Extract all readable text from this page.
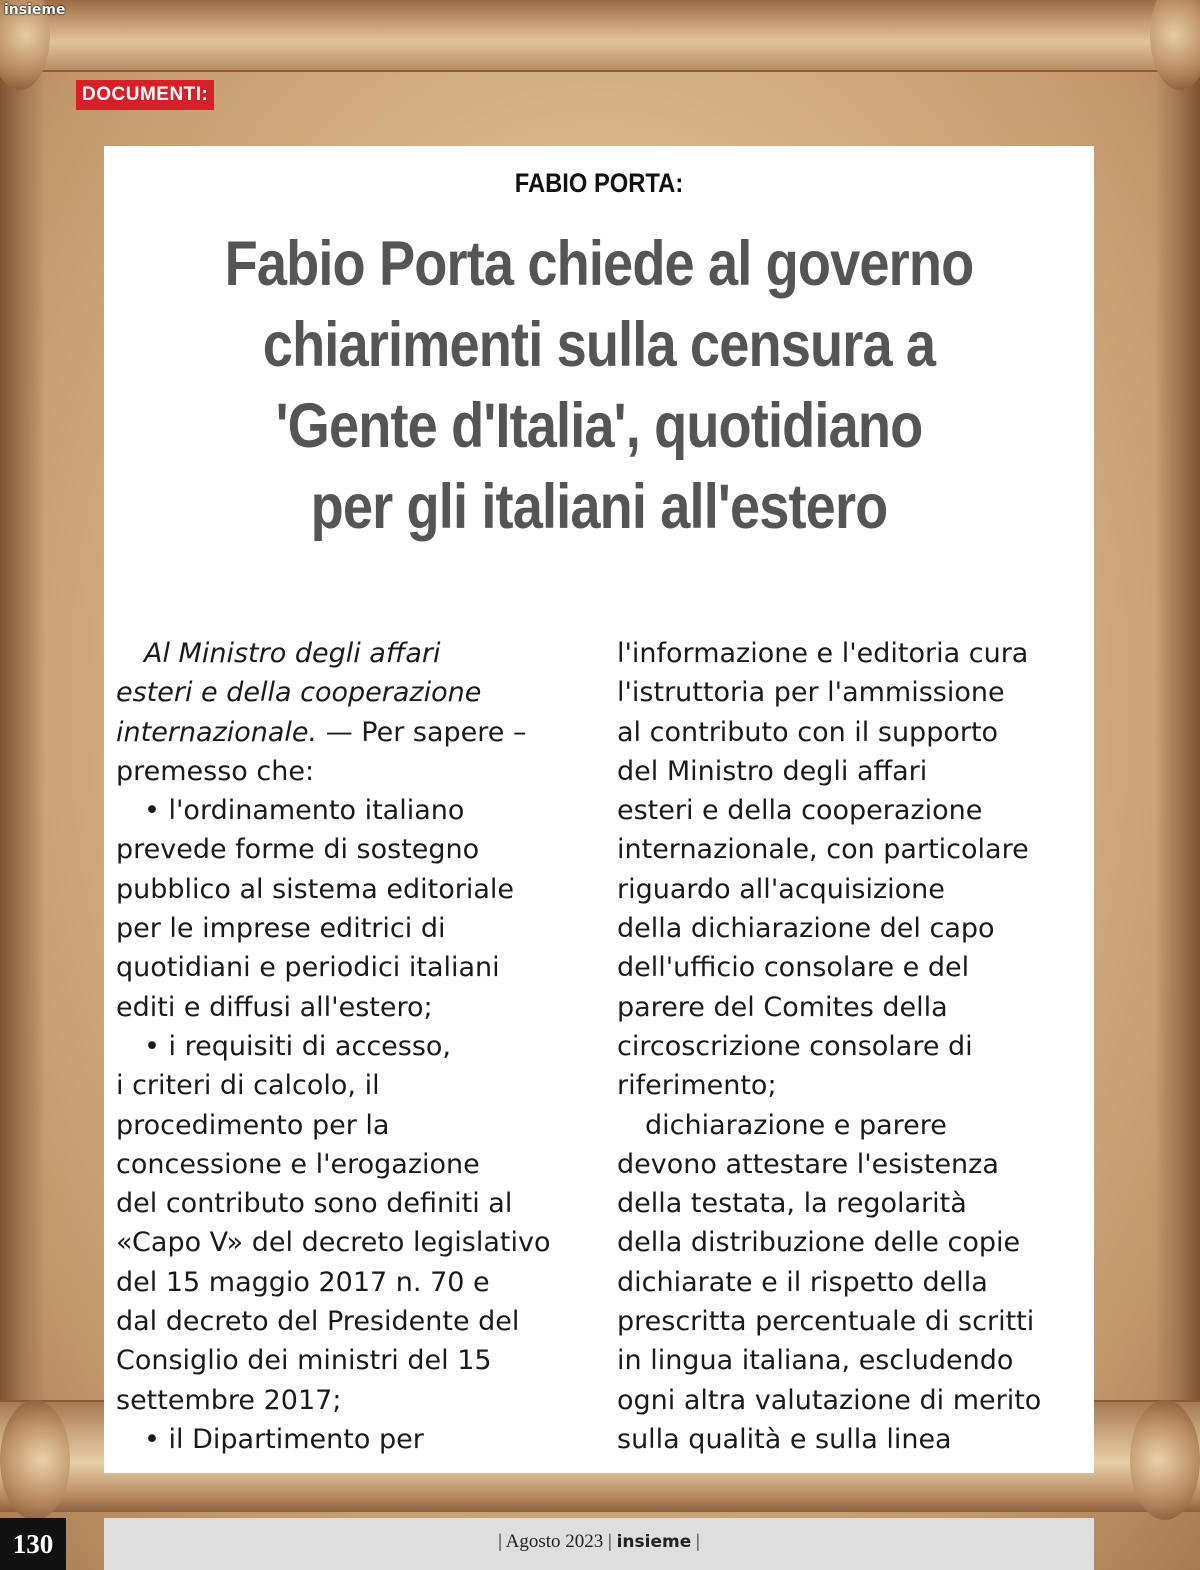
insieme
DOCUMENTI:
FABIO PORTA:
Fabio Porta chiede al governo
chiarimenti sulla censura a
'Gente d'Italia', quotidiano
per gli italiani all'estero

Al Ministro degli affari

esteri e della cooperazione

internazionale. — Per sapere –

premesso che:

• l'ordinamento italiano

prevede forme di sostegno

pubblico al sistema editoriale

per le imprese editrici di

quotidiani e periodici italiani

editi e diffusi all'estero;

• i requisiti di accesso,

i criteri di calcolo, il

procedimento per la

concessione e l'erogazione

del contributo sono definiti al

«Capo V» del decreto legislativo

del 15 maggio 2017 n. 70 e

dal decreto del Presidente del

Consiglio dei ministri del 15

settembre 2017;

• il Dipartimento per

l'informazione e l'editoria cura

l'istruttoria per l'ammissione

al contributo con il supporto

del Ministro degli affari

esteri e della cooperazione

internazionale, con particolare

riguardo all'acquisizione

della dichiarazione del capo

dell'ufficio consolare e del

parere del Comites della

circoscrizione consolare di

riferimento;

dichiarazione e parere

devono attestare l'esistenza

della testata, la regolarità

della distribuzione delle copie

dichiarate e il rispetto della

prescritta percentuale di scritti

in lingua italiana, escludendo

ogni altra valutazione di merito

sulla qualità e sulla linea

130	| Agosto 2023 | insieme |
